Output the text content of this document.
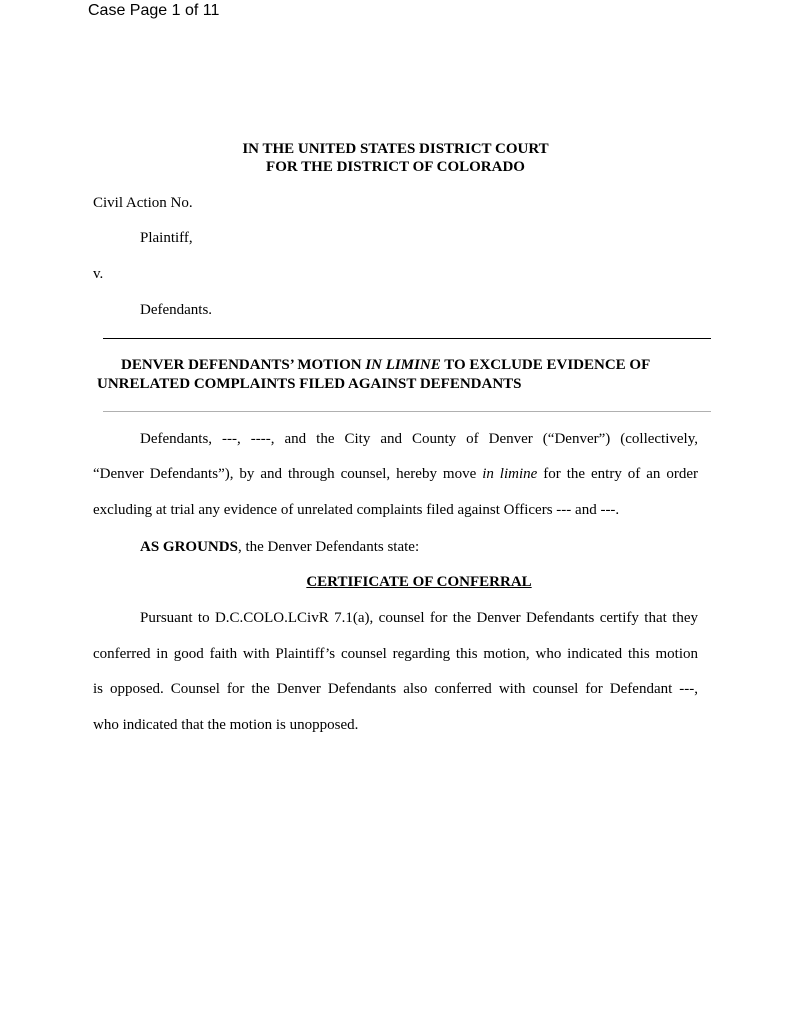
Case Page 1 of 11
IN THE UNITED STATES DISTRICT COURT
FOR THE DISTRICT OF COLORADO
Civil Action No.
Plaintiff,
v.
Defendants.
DENVER DEFENDANTS’ MOTION IN LIMINE TO EXCLUDE EVIDENCE OF
UNRELATED COMPLAINTS FILED AGAINST DEFENDANTS
Defendants, ---, ----, and the City and County of Denver (“Denver”) (collectively,
“Denver Defendants”), by and through counsel, hereby move in limine for the entry of an order
excluding at trial any evidence of unrelated complaints filed against Officers --- and ---.
AS GROUNDS, the Denver Defendants state:
CERTIFICATE OF CONFERRAL
Pursuant to D.C.COLO.LCivR 7.1(a), counsel for the Denver Defendants certify that they
conferred in good faith with Plaintiff’s counsel regarding this motion, who indicated this motion
is opposed. Counsel for the Denver Defendants also conferred with counsel for Defendant ---,
who indicated that the motion is unopposed.
